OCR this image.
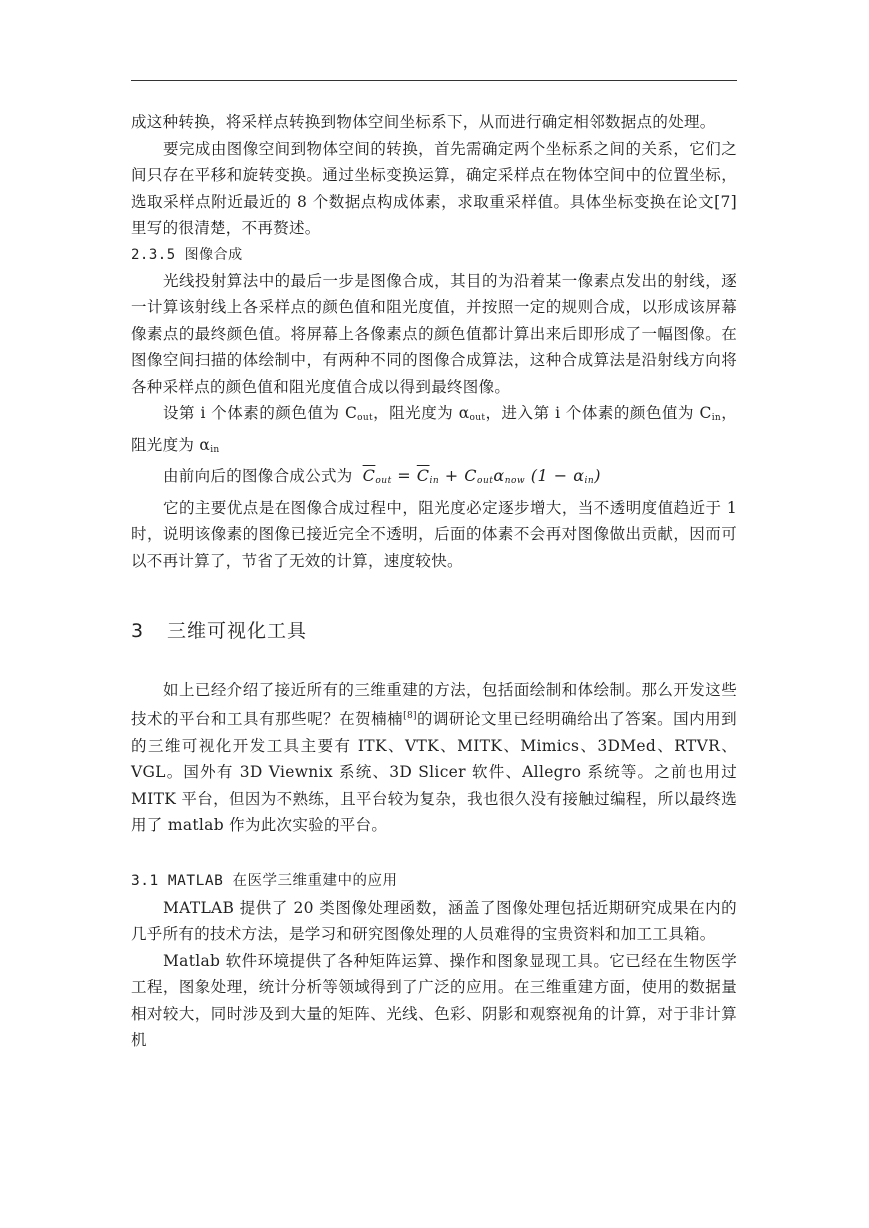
成这种转换，将采样点转换到物体空间坐标系下，从而进行确定相邻数据点的处理。

要完成由图像空间到物体空间的转换，首先需确定两个坐标系之间的关系，它们之间只存在平移和旋转变换。通过坐标变换运算，确定采样点在物体空间中的位置坐标，选取采样点附近最近的 8 个数据点构成体素，求取重采样值。具体坐标变换在论文[7]里写的很清楚，不再赘述。

2.3.5 图像合成

光线投射算法中的最后一步是图像合成，其目的为沿着某一像素点发出的射线，逐一计算该射线上各采样点的颜色值和阻光度值，并按照一定的规则合成，以形成该屏幕像素点的最终颜色值。将屏幕上各像素点的颜色值都计算出来后即形成了一幅图像。在图像空间扫描的体绘制中，有两种不同的图像合成算法，这种合成算法是沿射线方向将各种采样点的颜色值和阻光度值合成以得到最终图像。

设第 i 个体素的颜色值为 $C_{out}$，阻光度为 $\alpha_{out}$，进入第 i 个体素的颜色值为 $C_{in}$，阻光度为 $\alpha_{in}$

由前向后的图像合成公式为 $\overline{C}_{out} = \overline{C}_{in} + C_{out}\alpha_{now}$ $(1 - \alpha_{in})$

它的主要优点是在图像合成过程中，阻光度必定逐步增大，当不透明度值趋近于 1时，说明该像素的图像已接近完全不透明，后面的体素不会再对图像做出贡献，因而可以不再计算了，节省了无效的计算，速度较快。

3 三维可视化工具

如上已经介绍了接近所有的三维重建的方法，包括面绘制和体绘制。那么开发这些技术的平台和工具有那些呢？在贺楠楠[8]的调研论文里已经明确给出了答案。国内用到的三维可视化开发工具主要有 ITK、VTK、MITK、Mimics、3DMed、RTVR、VGL。国外有 3D Viewnix 系统、3D Slicer 软件、Allegro 系统等。之前也用过 MITK 平台，但因为不熟练，且平台较为复杂，我也很久没有接触过编程，所以最终选用了 matlab 作为此次实验的平台。

3.1 MATLAB 在医学三维重建中的应用

MATLAB 提供了 20 类图像处理函数，涵盖了图像处理包括近期研究成果在内的几乎所有的技术方法，是学习和研究图像处理的人员难得的宝贵资料和加工工具箱。

Matlab 软件环境提供了各种矩阵运算、操作和图象显现工具。它已经在生物医学工程，图象处理，统计分析等领域得到了广泛的应用。在三维重建方面，使用的数据量相对较大，同时涉及到大量的矩阵、光线、色彩、阴影和观察视角的计算，对于非计算机
